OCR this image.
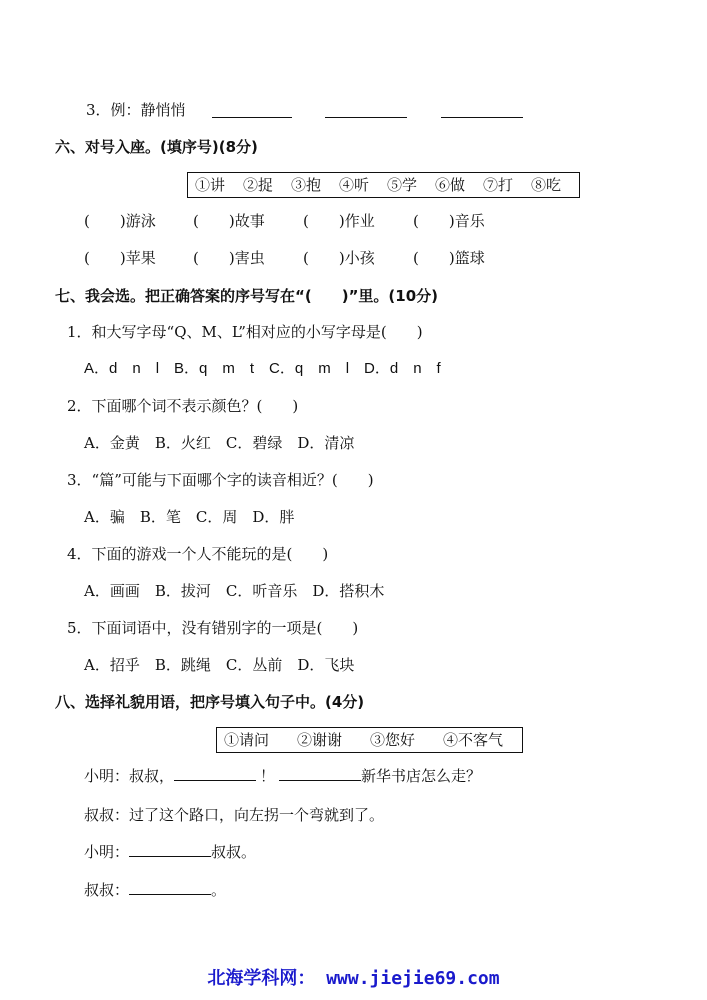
3．例：静悄悄
六、对号入座。(填序号)(8分)
①讲 ②捉 ③抱 ④听 ⑤学 ⑥做 ⑦打 ⑧吃
(　　)游泳 (　　)故事	(　　)作业	(　　)音乐
(　　)苹果 (　　)害虫	(　　)小孩	(　　)篮球
七、我会选。把正确答案的序号写在“(　　)”里。(10分)
1．和大写字母“Q、M、L”相对应的小写字母是(　　)
A．d　n　l　B．q　m　t　C．q　m　l　D．d　n　f
2．下面哪个词不表示颜色？(　　)
A．金黄　B．火红　C．碧绿　D．清凉
3．“篇”可能与下面哪个字的读音相近？(　　)
A．骗　B．笔　C．周　D．胖
4．下面的游戏一个人不能玩的是(　　)
A．画画　B．拔河　C．听音乐　D．搭积木
5．下面词语中，没有错别字的一项是(　　)
A．招乎　B．跳绳　C．丛前　D．飞块
八、选择礼貌用语，把序号填入句子中。(4分)
①请问 ②谢谢 ③您好 ④不客气
小明：叔叔，	！	新华书店怎么走？
叔叔：过了这个路口，向左拐一个弯就到了。
小明：	叔叔。
叔叔：	。
北海学科网： www.jiejie69.com
